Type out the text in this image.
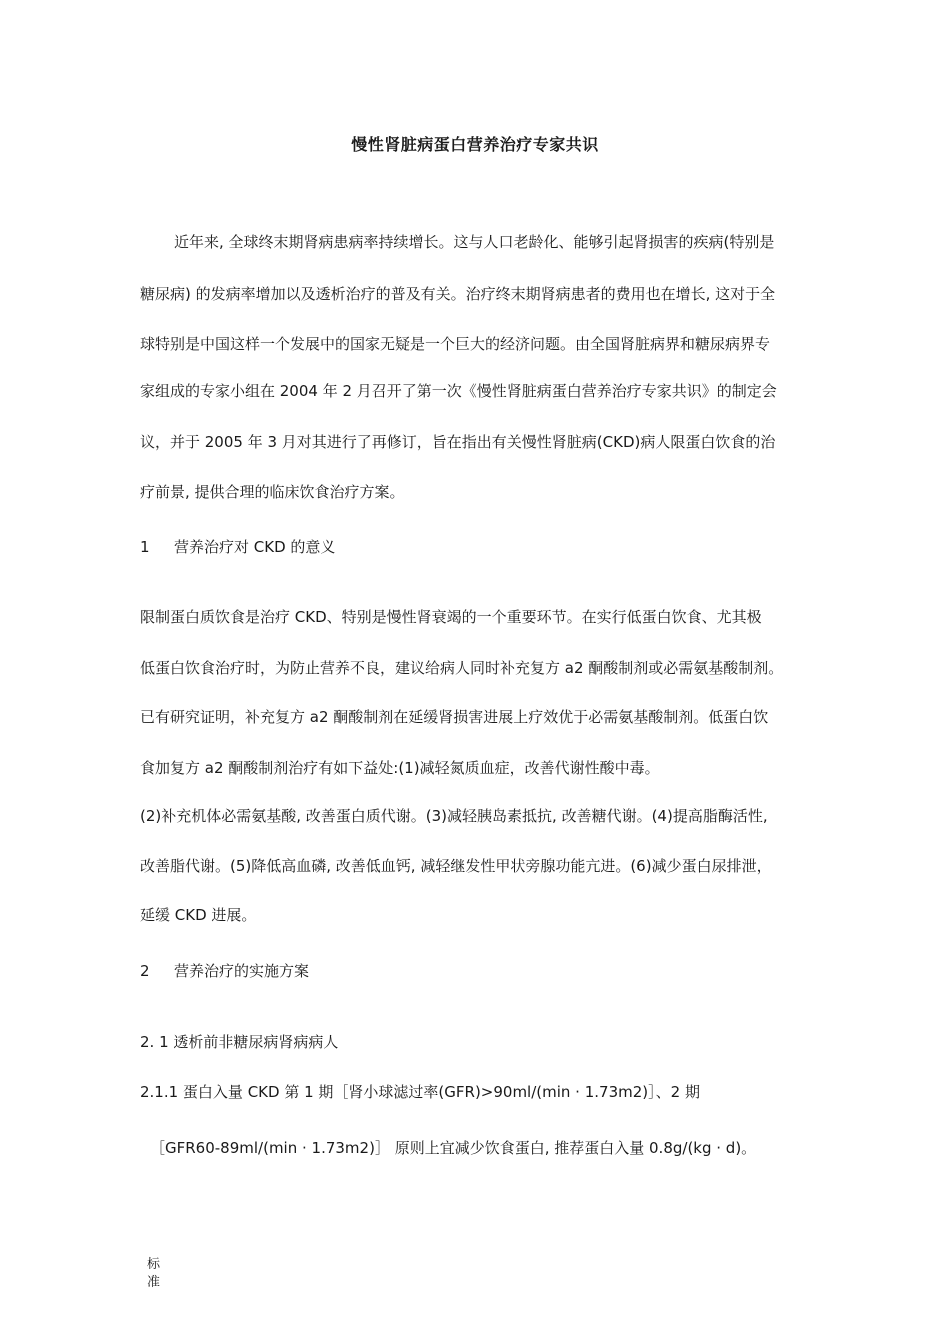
慢性肾脏病蛋白营养治疗专家共识
近年来, 全球终末期肾病患病率持续增长。这与人口老龄化、能够引起肾损害的疾病(特别是
糖尿病) 的发病率增加以及透析治疗的普及有关。治疗终末期肾病患者的费用也在增长, 这对于全
球特别是中国这样一个发展中的国家无疑是一个巨大的经济问题。由全国肾脏病界和糖尿病界专
家组成的专家小组在 2004 年 2 月召开了第一次《慢性肾脏病蛋白营养治疗专家共识》的制定会
议，并于 2005 年 3 月对其进行了再修订，旨在指出有关慢性肾脏病(CKD)病人限蛋白饮食的治
疗前景, 提供合理的临床饮食治疗方案。
1 营养治疗对 CKD 的意义
限制蛋白质饮食是治疗 CKD、特别是慢性肾衰竭的一个重要环节。在实行低蛋白饮食、尤其极
低蛋白饮食治疗时，为防止营养不良，建议给病人同时补充复方 a2 酮酸制剂或必需氨基酸制剂。
已有研究证明，补充复方 a2 酮酸制剂在延缓肾损害进展上疗效优于必需氨基酸制剂。低蛋白饮
食加复方 a2 酮酸制剂治疗有如下益处:(1)减轻氮质血症，改善代谢性酸中毒。
(2)补充机体必需氨基酸, 改善蛋白质代谢。(3)减轻胰岛素抵抗, 改善糖代谢。(4)提高脂酶活性,
改善脂代谢。(5)降低高血磷, 改善低血钙, 减轻继发性甲状旁腺功能亢进。(6)减少蛋白尿排泄，
延缓 CKD 进展。
2 营养治疗的实施方案
2. 1 透析前非糖尿病肾病病人
2.1.1 蛋白入量 CKD 第 1 期［肾小球滤过率(GFR)>90ml/(min · 1.73m2)］、2 期
［GFR60-89ml/(min · 1.73m2)］ 原则上宜减少饮食蛋白, 推荐蛋白入量 0.8g/(kg · d)。
标准
